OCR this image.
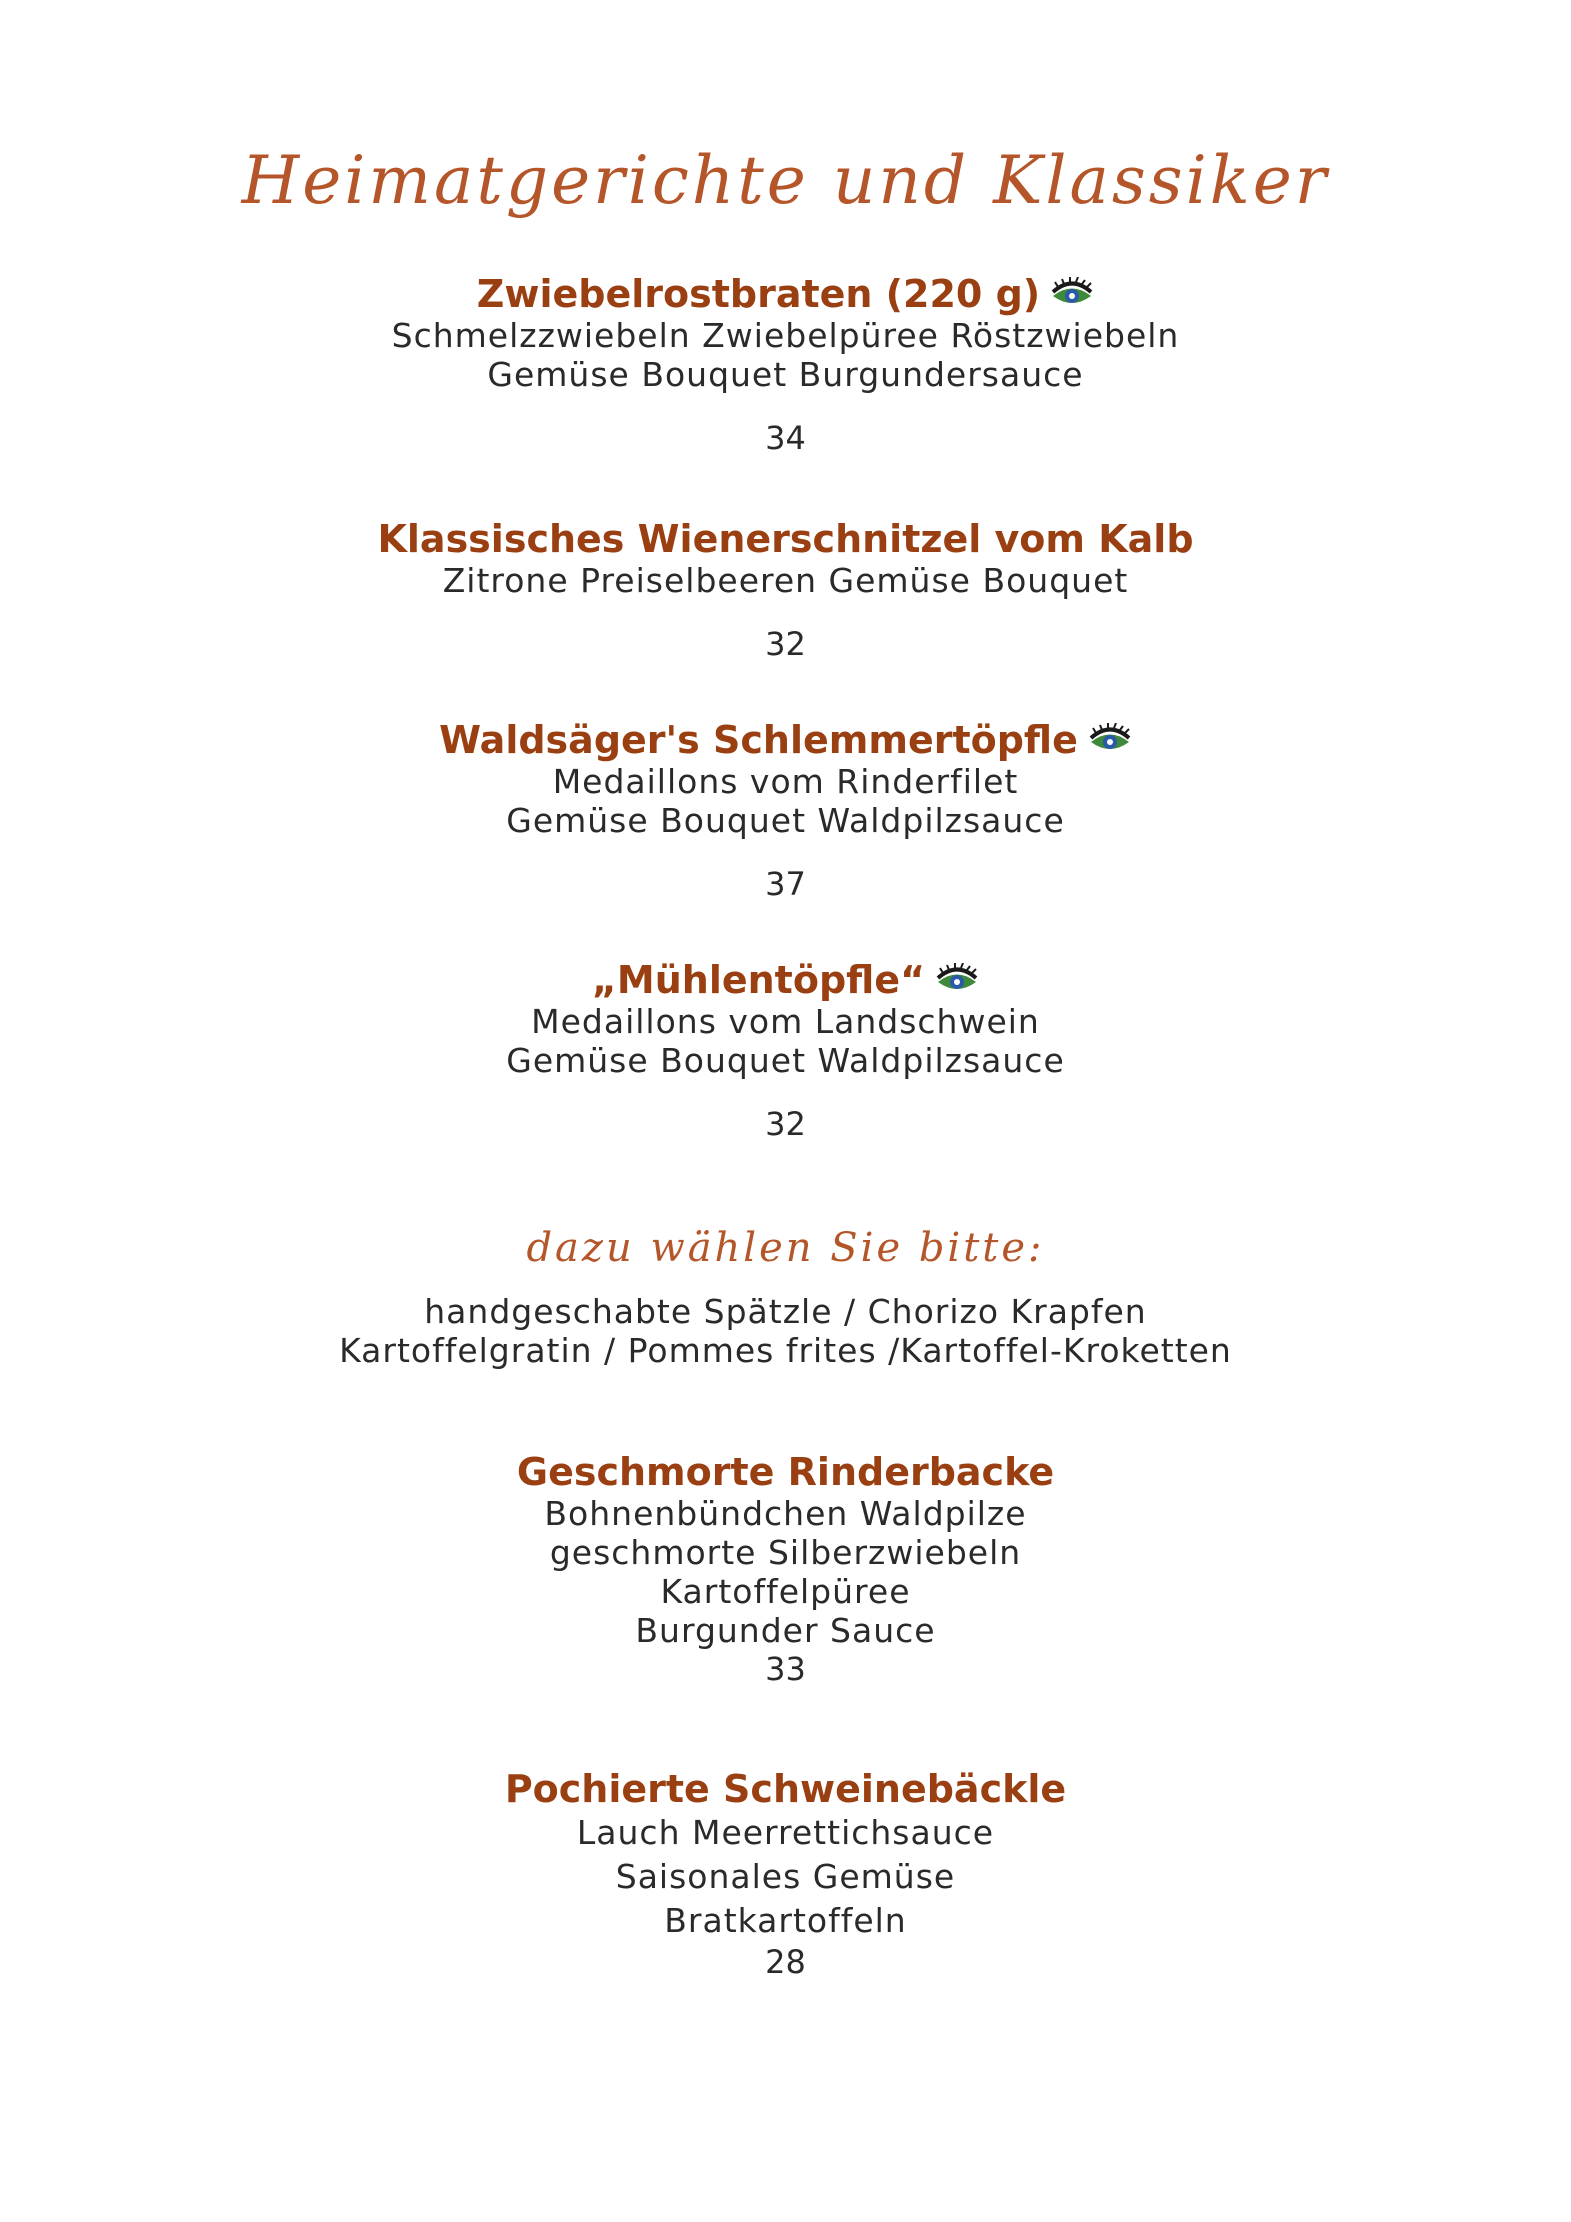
Heimatgerichte und Klassiker
Zwiebelrostbraten (220 g)
Schmelzzwiebeln Zwiebelpüree Röstzwiebeln
Gemüse Bouquet Burgundersauce
34
Klassisches Wienerschnitzel vom Kalb
Zitrone Preiselbeeren Gemüse Bouquet
32
Waldsäger's Schlemmertöpfle
Medaillons vom Rinderfilet
Gemüse Bouquet Waldpilzsauce
37
„Mühlentöpfle“
Medaillons vom Landschwein
Gemüse Bouquet Waldpilzsauce
32
dazu wählen Sie bitte:
handgeschabte Spätzle / Chorizo Krapfen
Kartoffelgratin / Pommes frites /Kartoffel-Kroketten
Geschmorte Rinderbacke
Bohnenbündchen Waldpilze
geschmorte Silberzwiebeln
Kartoffelpüree
Burgunder Sauce
33
Pochierte Schweinebäckle
Lauch Meerrettichsauce
Saisonales Gemüse
Bratkartoffeln
28
